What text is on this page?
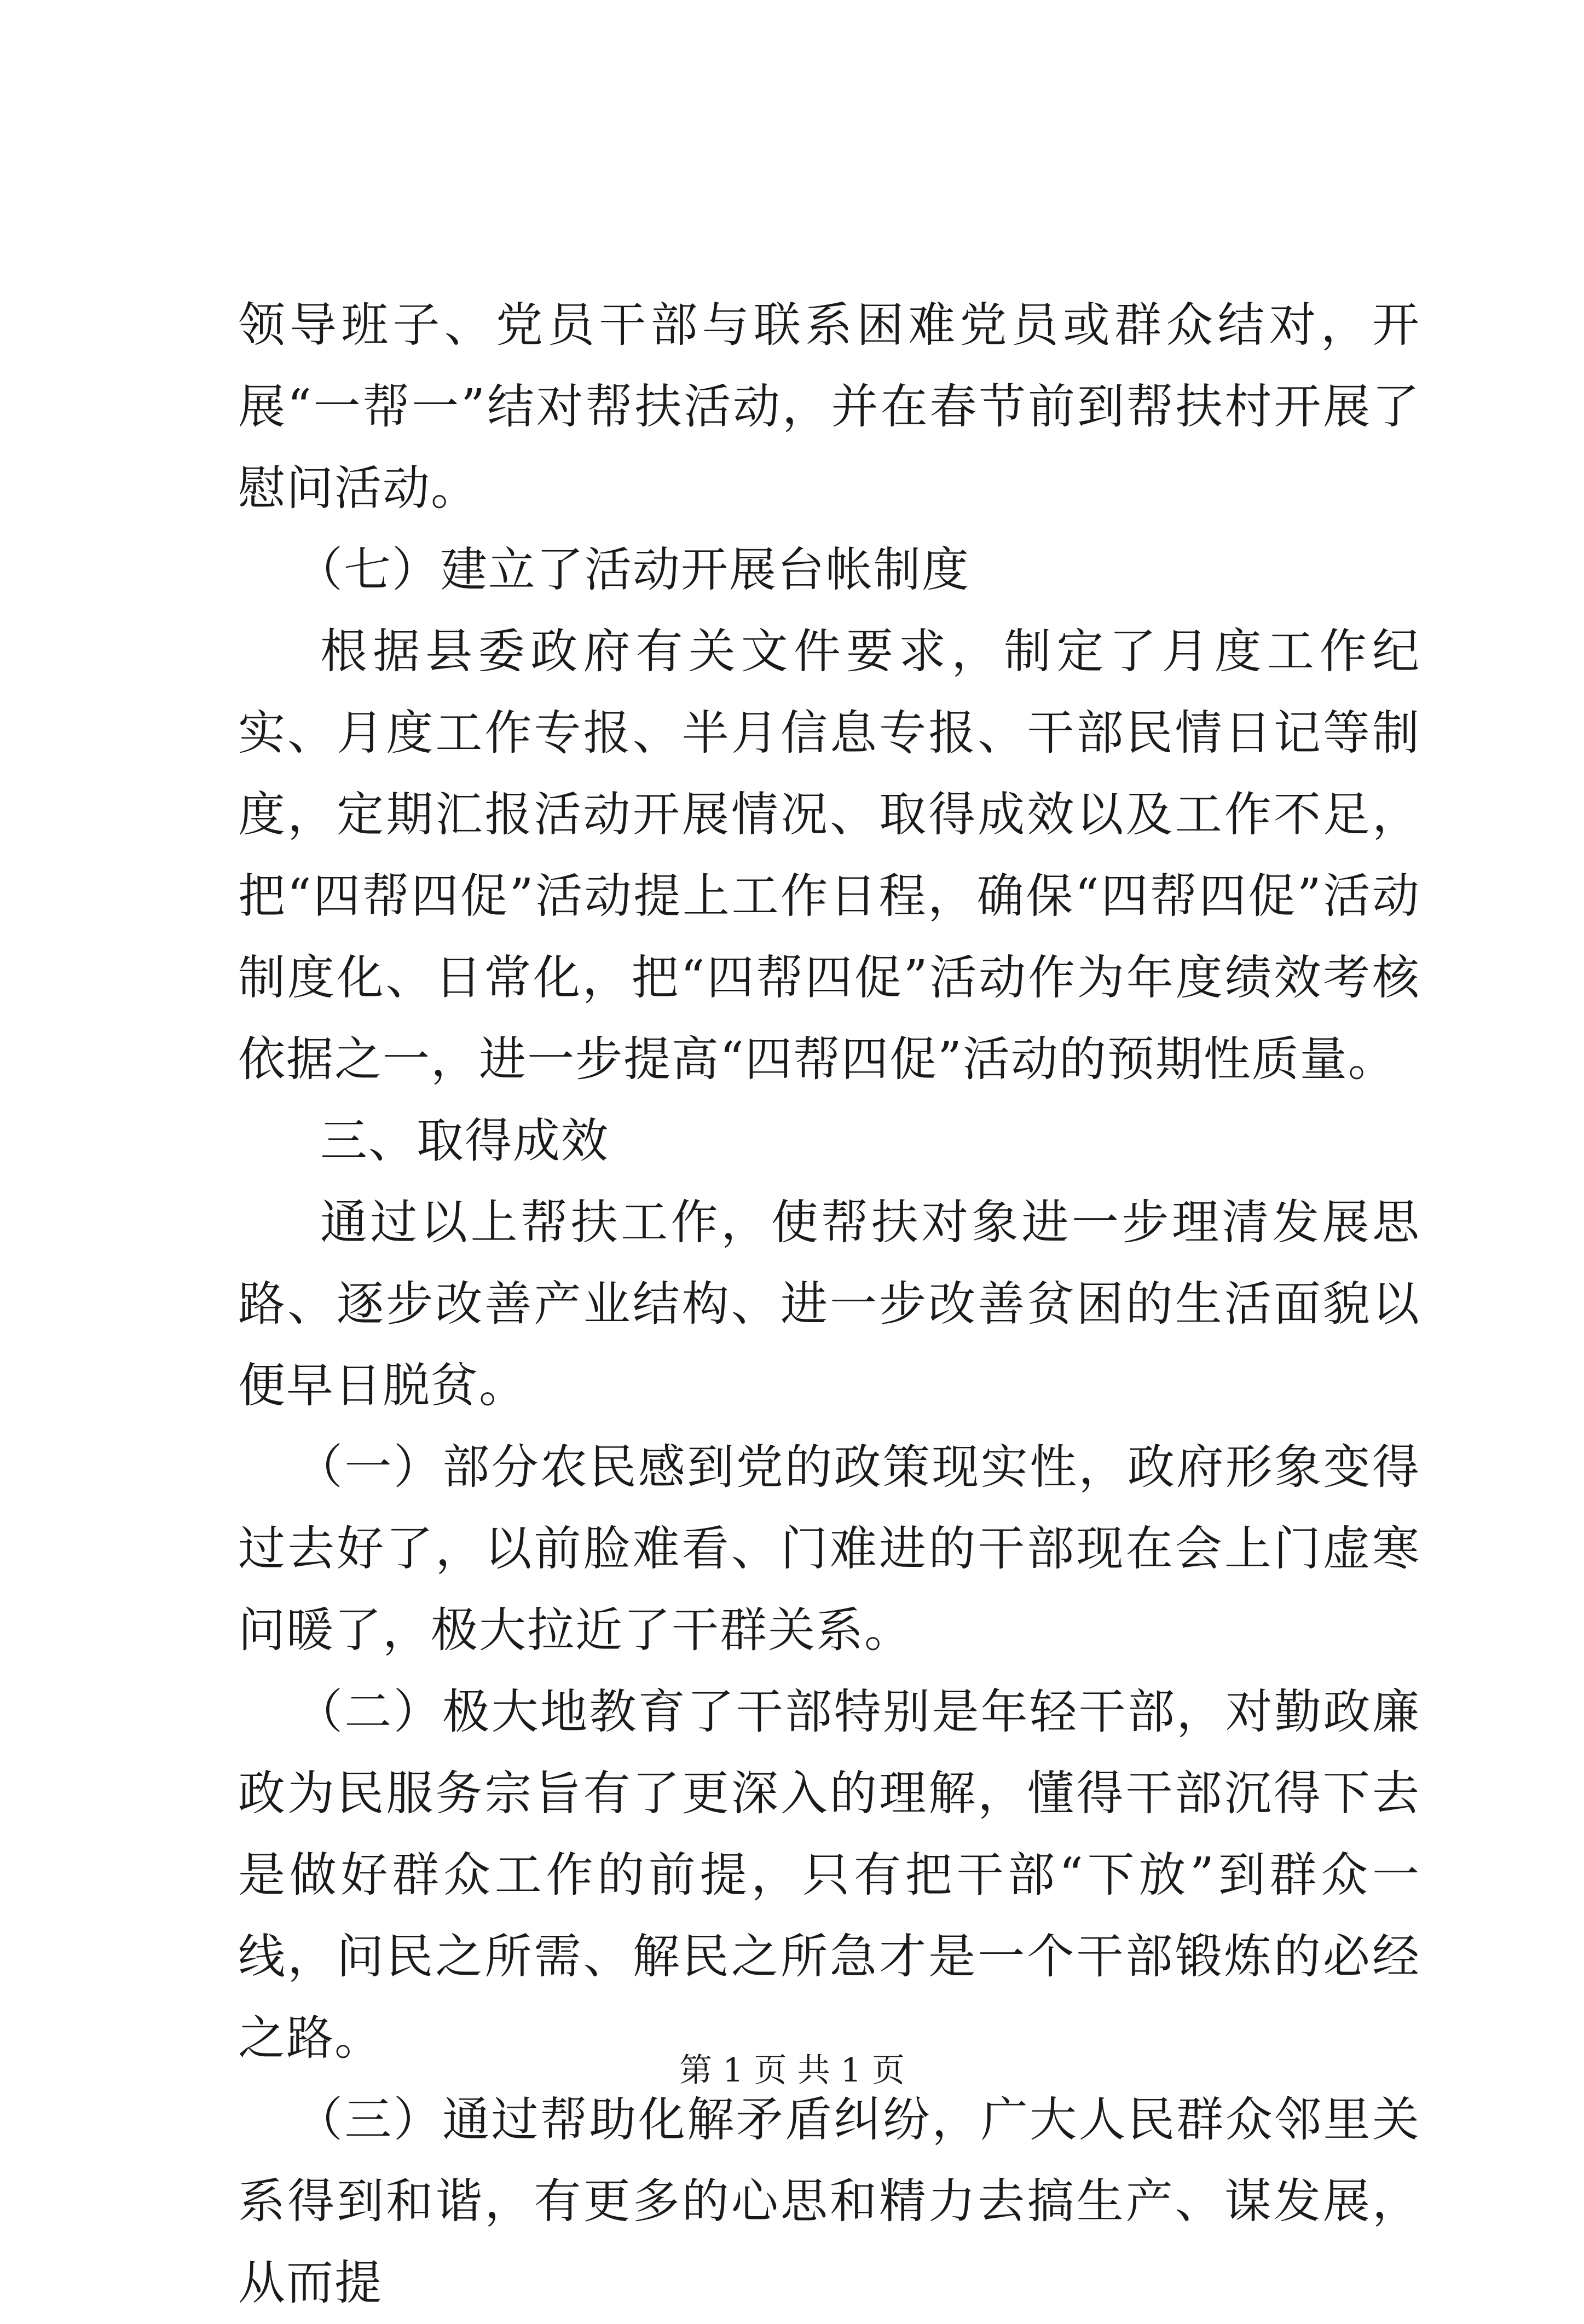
领导班子、党员干部与联系困难党员或群众结对，开展“一帮一”结对帮扶活动，并在春节前到帮扶村开展了慰问活动。

（七）建立了活动开展台帐制度

根据县委政府有关文件要求，制定了月度工作纪实、月度工作专报、半月信息专报、干部民情日记等制度，定期汇报活动开展情况、取得成效以及工作不足，把“四帮四促”活动提上工作日程，确保“四帮四促”活动制度化、日常化，把“四帮四促”活动作为年度绩效考核依据之一，进一步提高“四帮四促”活动的预期性质量。

三、取得成效

通过以上帮扶工作，使帮扶对象进一步理清发展思路、逐步改善产业结构、进一步改善贫困的生活面貌以便早日脱贫。

（一）部分农民感到党的政策现实性，政府形象变得过去好了，以前脸难看、门难进的干部现在会上门虚寒问暖了，极大拉近了干群关系。

（二）极大地教育了干部特别是年轻干部，对勤政廉政为民服务宗旨有了更深入的理解，懂得干部沉得下去是做好群众工作的前提，只有把干部“下放”到群众一线，问民之所需、解民之所急才是一个干部锻炼的必经之路。

（三）通过帮助化解矛盾纠纷，广大人民群众邻里关系得到和谐，有更多的心思和精力去搞生产、谋发展，从而提

第 1 页 共 1 页
